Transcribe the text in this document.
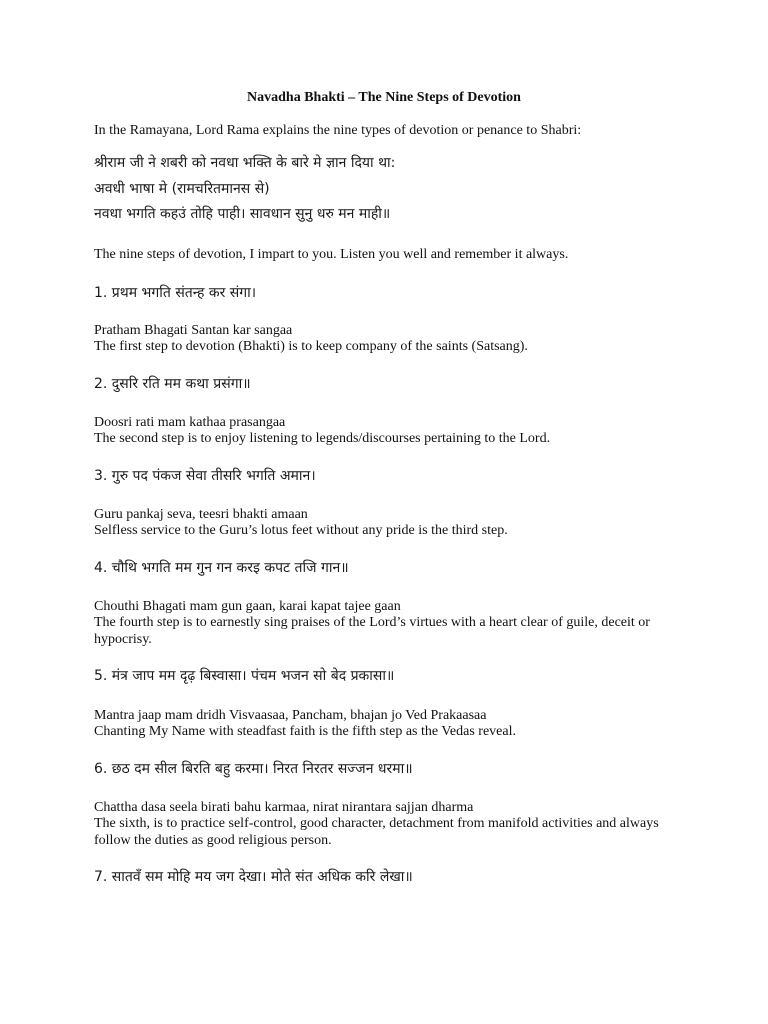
Navadha Bhakti – The Nine Steps of Devotion

In the Ramayana, Lord Rama explains the nine types of devotion or penance to Shabri:

श्रीराम जी ने शबरी को नवधा भक्ति के बारे मे ज्ञान दिया था:

अवधी भाषा मे (रामचरितमानस से)

नवधा भगति कहउं तोहि पाही। सावधान सुनु धरु मन माही॥

The nine steps of devotion, I impart to you. Listen you well and remember it always.

1. प्रथम भगति संतन्ह कर संगा।

Pratham Bhagati Santan kar sangaa

The first step to devotion (Bhakti) is to keep company of the saints (Satsang).

2. दुसरि रति मम कथा प्रसंगा॥

Doosri rati mam kathaa prasangaa

The second step is to enjoy listening to legends/discourses pertaining to the Lord.

3. गुरु पद पंकज सेवा तीसरि भगति अमान।

Guru pankaj seva, teesri bhakti amaan

Selfless service to the Guru’s lotus feet without any pride is the third step.

4. चौथि भगति मम गुन गन करइ कपट तजि गान॥

Chouthi Bhagati mam gun gaan, karai kapat tajee gaan

The fourth step is to earnestly sing praises of the Lord’s virtues with a heart clear of guile, deceit or hypocrisy.

5. मंत्र जाप मम दृढ़ बिस्वासा। पंचम भजन सो बेद प्रकासा॥

Mantra jaap mam dridh Visvaasaa, Pancham, bhajan jo Ved Prakaasaa

Chanting My Name with steadfast faith is the fifth step as the Vedas reveal.

6. छठ दम सील बिरति बहु करमा। निरत निरतर सज्जन धरमा॥

Chattha dasa seela birati bahu karmaa, nirat nirantara sajjan dharma

The sixth, is to practice self-control, good character, detachment from manifold activities and always follow the duties as good religious person.

7. सातवँ सम मोहि मय जग देखा। मोते संत अधिक करि लेखा॥
